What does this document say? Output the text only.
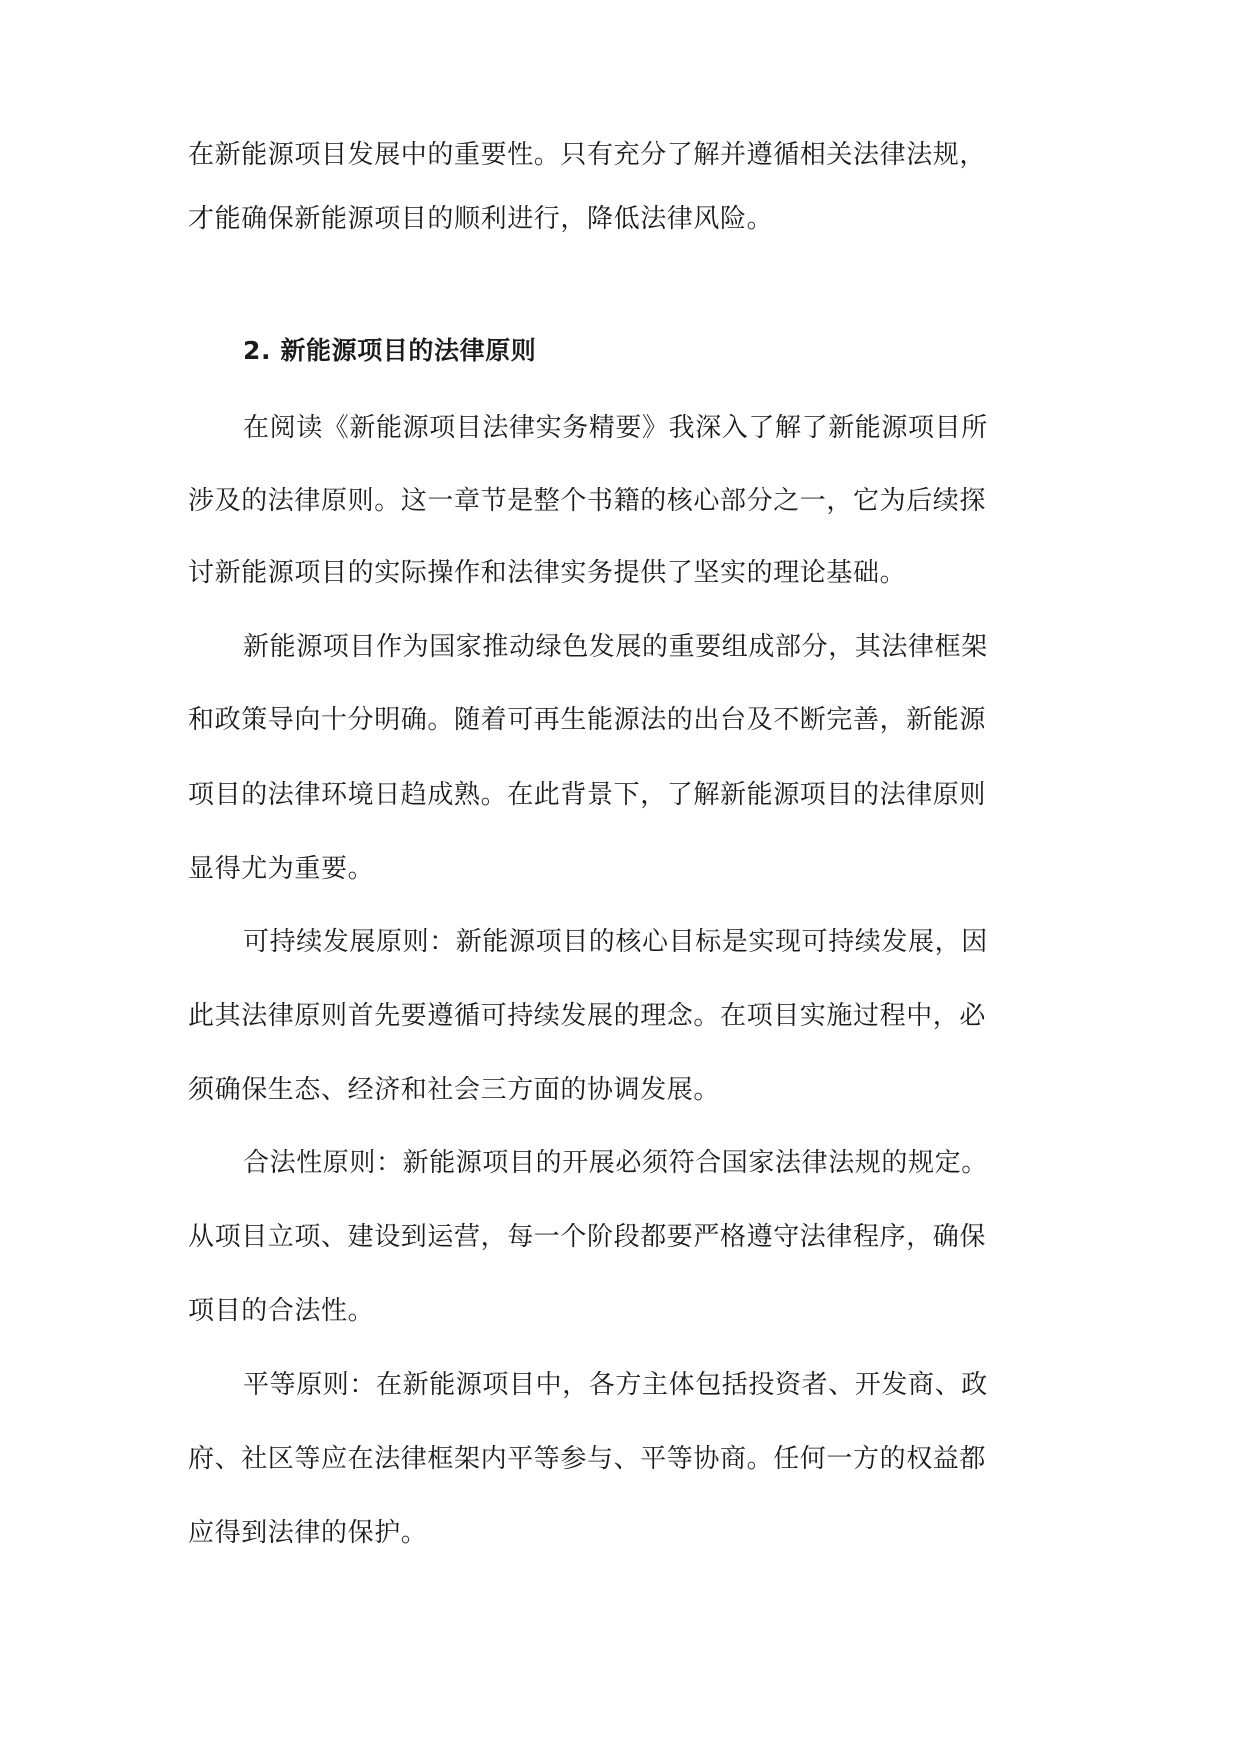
在新能源项目发展中的重要性。只有充分了解并遵循相关法律法规，

才能确保新能源项目的顺利进行，降低法律风险。

2. 新能源项目的法律原则

在阅读《新能源项目法律实务精要》我深入了解了新能源项目所

涉及的法律原则。这一章节是整个书籍的核心部分之一，它为后续探

讨新能源项目的实际操作和法律实务提供了坚实的理论基础。

新能源项目作为国家推动绿色发展的重要组成部分，其法律框架

和政策导向十分明确。随着可再生能源法的出台及不断完善，新能源

项目的法律环境日趋成熟。在此背景下，了解新能源项目的法律原则

显得尤为重要。

可持续发展原则：新能源项目的核心目标是实现可持续发展，因

此其法律原则首先要遵循可持续发展的理念。在项目实施过程中，必

须确保生态、经济和社会三方面的协调发展。

合法性原则：新能源项目的开展必须符合国家法律法规的规定。

从项目立项、建设到运营，每一个阶段都要严格遵守法律程序，确保

项目的合法性。

平等原则：在新能源项目中，各方主体包括投资者、开发商、政

府、社区等应在法律框架内平等参与、平等协商。任何一方的权益都

应得到法律的保护。
